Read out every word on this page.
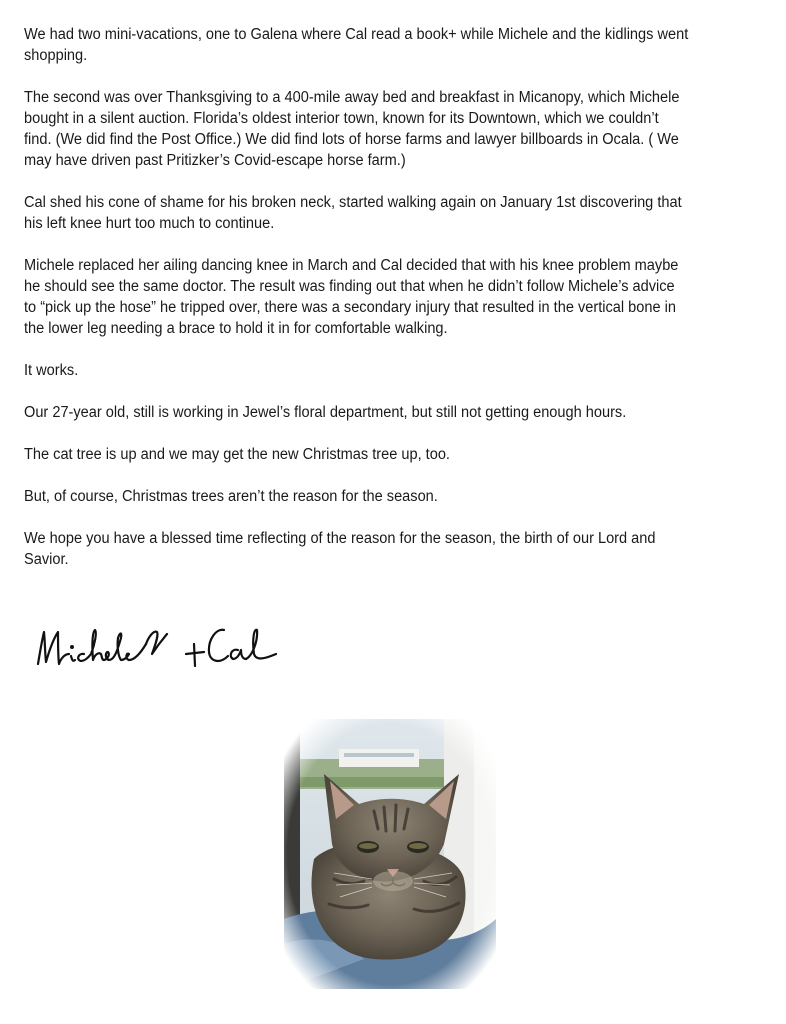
We had two mini-vacations, one to Galena where Cal read a book+ while Michele and the kidlings went
shopping.

The second was over Thanksgiving to a 400-mile away bed and breakfast in Micanopy, which Michele
bought in a silent auction. Florida’s oldest interior town, known for its Downtown, which we couldn’t
find. (We did find the Post Office.) We did find lots of horse farms and lawyer billboards in Ocala. ( We
may have driven past Pritizker’s Covid-escape horse farm.)

Cal shed his cone of shame for his broken neck, started walking again on January 1st discovering that
his left knee hurt too much to continue.

Michele replaced her ailing dancing knee in March and Cal decided that with his knee problem maybe
he should see the same doctor. The result was finding out that when he didn’t follow Michele’s advice
to “pick up the hose” he tripped over, there was a secondary injury that resulted in the vertical bone in
the lower leg needing a brace to hold it in for comfortable walking.

It works.

Our 27-year old, still is working in Jewel’s floral department, but still not getting enough hours.

The cat tree is up and we may get the new Christmas tree up, too.

But, of course, Christmas trees aren’t the reason for the season.

We hope you have a blessed time reflecting of the reason for the season, the birth of our Lord and
Savior.
